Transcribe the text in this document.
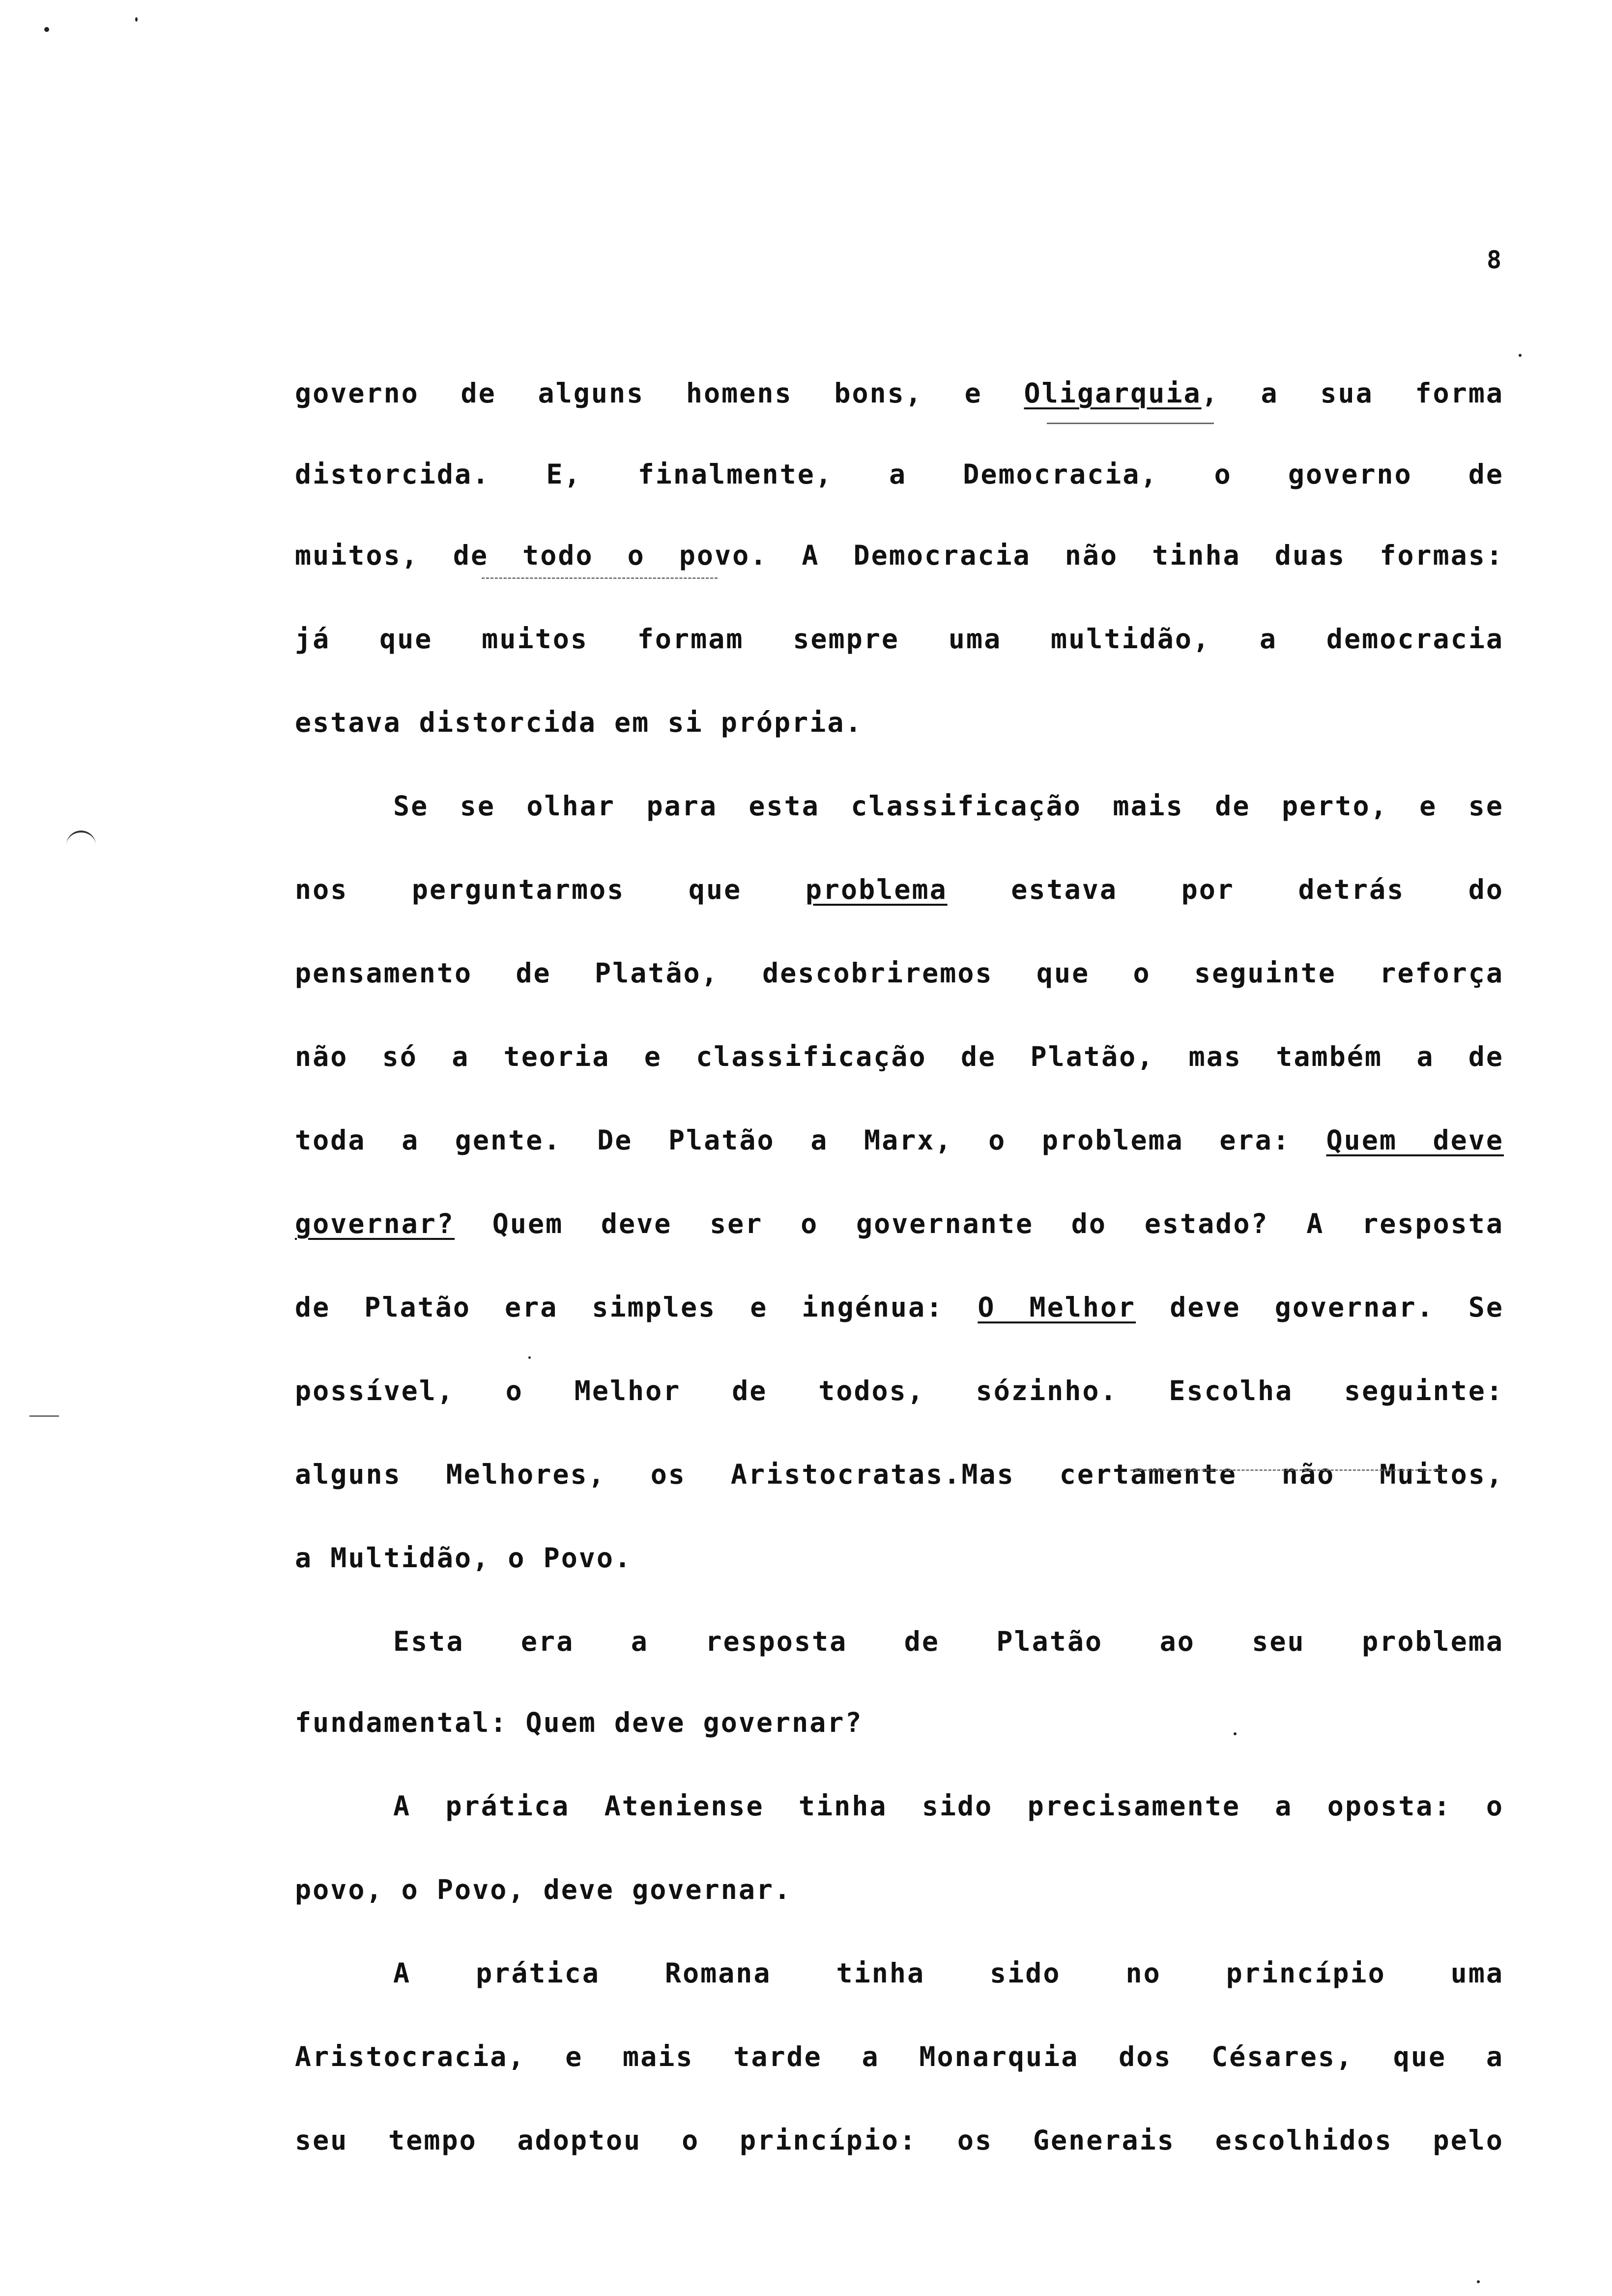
8
governo de alguns homens bons, e Oligarquia, a sua forma
distorcida. E, finalmente, a Democracia, o governo de
muitos, de todo o povo. A Democracia não tinha duas formas:
já que muitos formam sempre uma multidão, a democracia
estava distorcida em si própria.
Se se olhar para esta classificação mais de perto, e se
nos perguntarmos que problema estava por detrás do
pensamento de Platão, descobriremos que o seguinte reforça
não só a teoria e classificação de Platão, mas também a de
toda a gente. De Platão a Marx, o problema era: Quem deve
governar? Quem deve ser o governante do estado? A resposta
de Platão era simples e ingénua: O Melhor deve governar. Se
possível, o Melhor de todos, sózinho. Escolha seguinte:
alguns Melhores, os Aristocratas.Mas certamente não Muitos,
a Multidão, o Povo.
Esta era a resposta de Platão ao seu problema
fundamental: Quem deve governar?
A prática Ateniense tinha sido precisamente a oposta: o
povo, o Povo, deve governar.
A prática Romana tinha sido no princípio uma
Aristocracia, e mais tarde a Monarquia dos Césares, que a
seu tempo adoptou o princípio: os Generais escolhidos pelo
